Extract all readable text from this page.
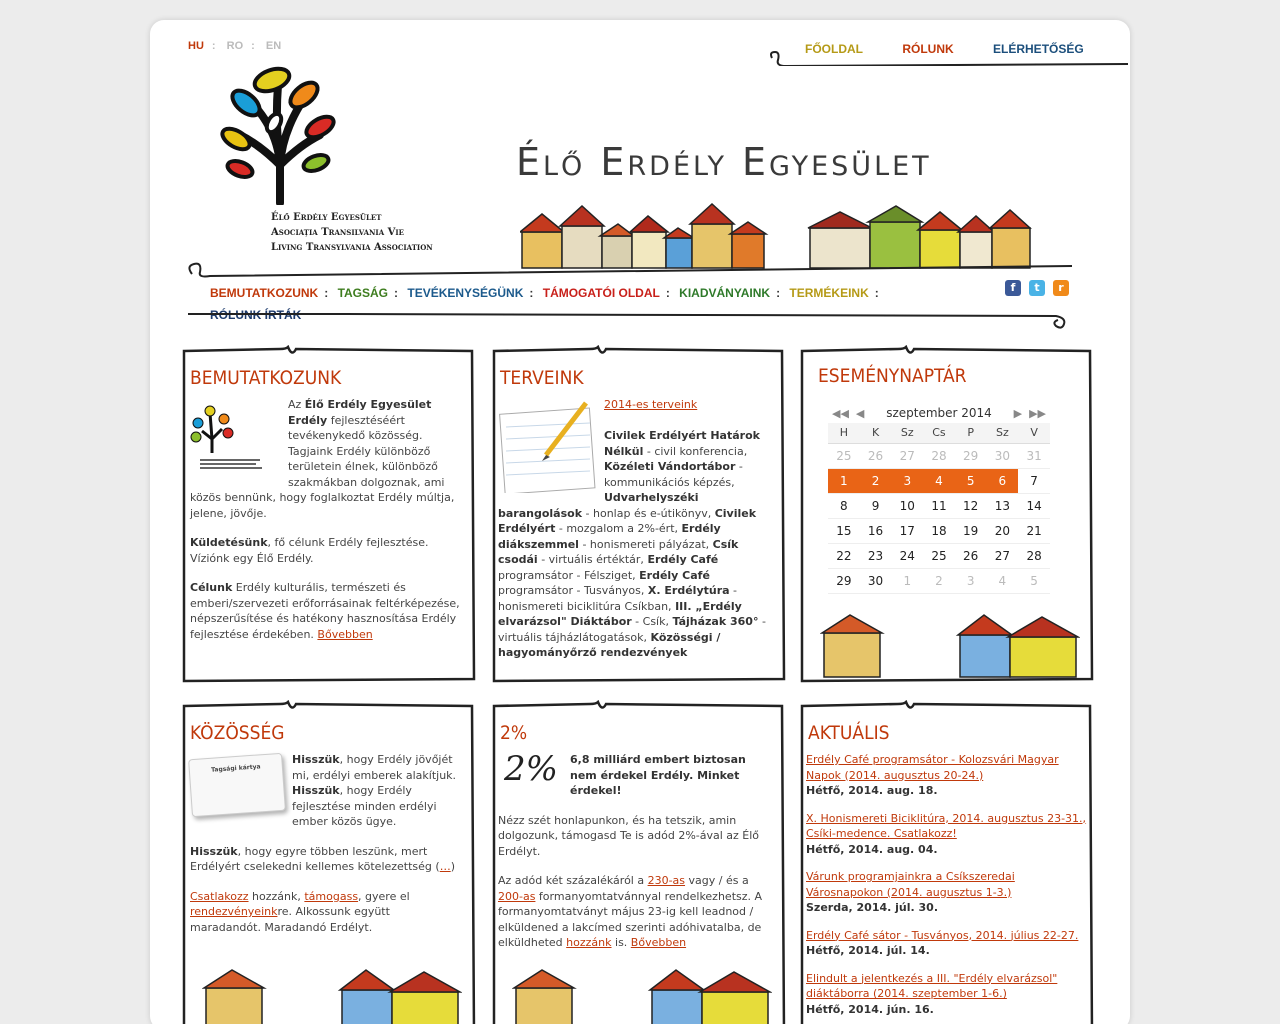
HU : RO : EN	FŐOLDAL	RÓLUNK	ELÉRHETŐSÉG
Élő Erdély Egyesület
Asociația Transilvania Vie
Living Transylvania Association
Élő Erdély Egyesület
BEMUTATKOZUNK : TAGSÁG : TEVÉKENYSÉGÜNK : TÁMOGATÓI OLDAL : KIADVÁNYAINK : TERMÉKEINK :
RÓLUNK ÍRTÁK
f t r
BEMUTATKOZUNK
Az Élő Erdély Egyesület Erdély fejlesztéséért tevékenykedő közösség. Tagjaink Erdély különböző területein élnek, különböző szakmákban dolgoznak, ami közös bennünk, hogy foglalkoztat Erdély múltja, jelene, jövője.
Küldetésünk, fő célunk Erdély fejlesztése. Víziónk egy Élő Erdély.
Célunk Erdély kulturális, természeti és emberi/szervezeti erőforrásainak feltérképezése, népszerűsítése és hatékony hasznosítása Erdély fejlesztése érdekében. Bővebben
TERVEINK
2014-es terveink

Civilek Erdélyért Határok Nélkül - civil konferencia, Közéleti Vándortábor - kommunikációs képzés, Udvarhelyszéki barangolások - honlap és e-útikönyv, Civilek Erdélyért - mozgalom a 2%-ért, Erdély diákszemmel - honismereti pályázat, Csík csodái - virtuális értéktár, Erdély Café programsátor - Félsziget, Erdély Café programsátor - Tusványos, X. Erdélytúra - honismereti biciklitúra Csíkban, III. „Erdély elvarázsol" Diáktábor - Csík, Tájházak 360° - virtuális tájházlátogatások, Közösségi / hagyományőrző rendezvények
ESEMÉNYNAPTÁR
◀◀ ◀ szeptember 2014 ▶ ▶▶
H	K	Sz	Cs	P	Sz	V
25	26	27	28	29	30	31
1	2	3	4	5	6	7
8	9	10	11	12	13	14
15	16	17	18	19	20	21
22	23	24	25	26	27	28
29	30	1	2	3	4	5
KÖZÖSSÉG
Tagsági kártya
Hisszük, hogy Erdély jövőjét mi, erdélyi emberek alakítjuk. Hisszük, hogy Erdély fejlesztése minden erdélyi ember közös ügye.
Hisszük, hogy egyre többen leszünk, mert Erdélyért cselekedni kellemes kötelezettség (…)
Csatlakozz hozzánk, támogass, gyere el rendezvényeinkre. Alkossunk együtt maradandót. Maradandó Erdélyt.
2%
2%	6,8 milliárd embert biztosan nem érdekel Erdély. Minket érdekel!
Nézz szét honlapunkon, és ha tetszik, amin dolgozunk, támogasd Te is adód 2%-ával az Élő Erdélyt.
Az adód két százalékáról a 230-as vagy / és a 200-as formanyomtatvánnyal rendelkezhetsz. A formanyomtatványt május 23-ig kell leadnod / elküldened a lakcímed szerinti adóhivatalba, de elküldheted hozzánk is. Bővebben
AKTUÁLIS
Erdély Café programsátor - Kolozsvári Magyar Napok (2014. augusztus 20-24.)
Hétfő, 2014. aug. 18.
X. Honismereti Biciklitúra, 2014. augusztus 23-31., Csíki-medence. Csatlakozz!
Hétfő, 2014. aug. 04.
Várunk programjainkra a Csíkszeredai Városnapokon (2014. augusztus 1-3.)
Szerda, 2014. júl. 30.
Erdély Café sátor - Tusványos, 2014. július 22-27.
Hétfő, 2014. júl. 14.
Elindult a jelentkezés a III. "Erdély elvarázsol" diáktáborra (2014. szeptember 1-6.)
Hétfő, 2014. jún. 16.
